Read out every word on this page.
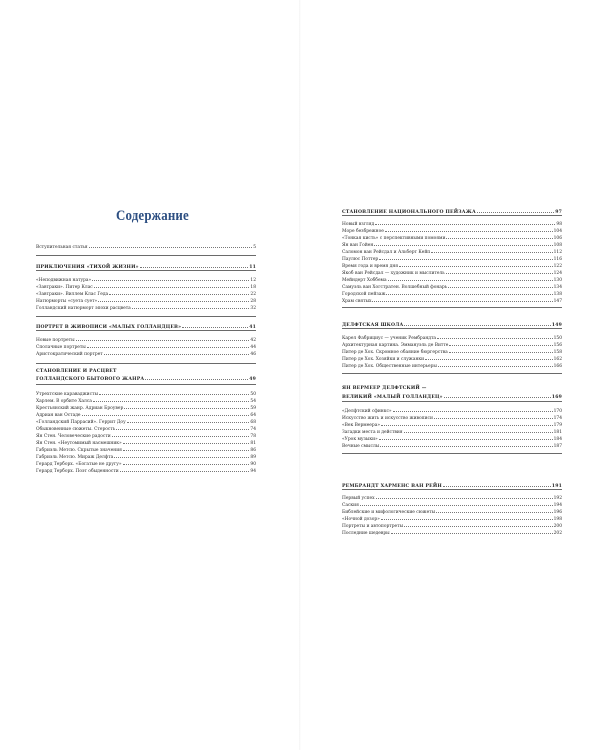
Содержание
Вступительная статья	5
ПРИКЛЮЧЕНИЯ «ТИХОЙ ЖИЗНИ»	11
«Неподвижная натура»	12
«Завтраки». Питер Клас	18
«Завтраки». Виллем Клас Геда	22
Натюрморты «суета сует»	28
Голландский натюрморт эпохи расцвета	32
ПОРТРЕТ В ЖИВОПИСИ «МАЛЫХ ГОЛЛАНДЦЕВ»	41
Новые портреты	42
Сполачные портреты	44
Аристократический портрет	46
СТАНОВЛЕНИЕ И РАСЦВЕТ
ГОЛЛАНДСКОГО БЫТОВОГО ЖАНРА	49
Утрехтские караваджисты	50
Харлем. В орбите Халса	54
Крестьянский жанр. Адриан Броувер	59
Адриан ван Остаде	64
«Голландский Паррасий». Геррит Доу	68
Обыкновенные сюжеты. Стерость	74
Ян Стен. Человеческие радости	78
Ян Стен. «Неутомимый насмешник»	81
Габриэль Метсю. Скрытые значения	86
Габриэль Метсю. Мираж Делфта	89
Герард Терборх. «Богатые не другу»	90
Герард Терборх. Поэт обыденности	94
СТАНОВЛЕНИЕ НАЦИОНАЛЬНОГО ПЕЙЗАЖА	97
Новый взгляд	98
Море безбрежное	104
«Тонкая кисть» с перспективными помоями	106
Ян ван Гойен	108
Саломон ван Рейсдал и Альберт Кейп	112
Паулюс Поттер	116
Время года и время дня	122
Якоб ван Рейсдал — художник и мыслитель	124
Мейндерт Хоббема	130
Самуэль ван Хогстратен. Волшебный фонарь	134
Городской пейзаж	138
Храм святых	147
ДЕЛФТСКАЯ ШКОЛА	149
Карел Фабрициус — ученик Рембрандта	150
Архитектурная картина. Эммануэль де Витте	156
Питер де Хох. Скромное обаяние бюргерства	158
Питер де Хох. Хозяйки и служанки	162
Питер де Хох. Общественные интерьеры	166
ЯН ВЕРМЕЕР ДЕЛФТСКИЙ —
ВЕЛИКИЙ «МАЛЫЙ ГОЛЛАНДЕЦ»	169
«Делфтский сфинкс»	170
Искусство жить и искусство живописи	174
«Век Вермеера»	179
Загадки места и действия	181
«Урок музыки»	184
Вечные смыслы	187
РЕМБРАНДТ ХАРМЕНС ВАН РЕЙН	191
Первый успех	192
Саския	194
Библейские и мифологические сюжеты	196
«Ночной дозор»	198
Портреты и автопортреты	200
Последние шедевры	202
